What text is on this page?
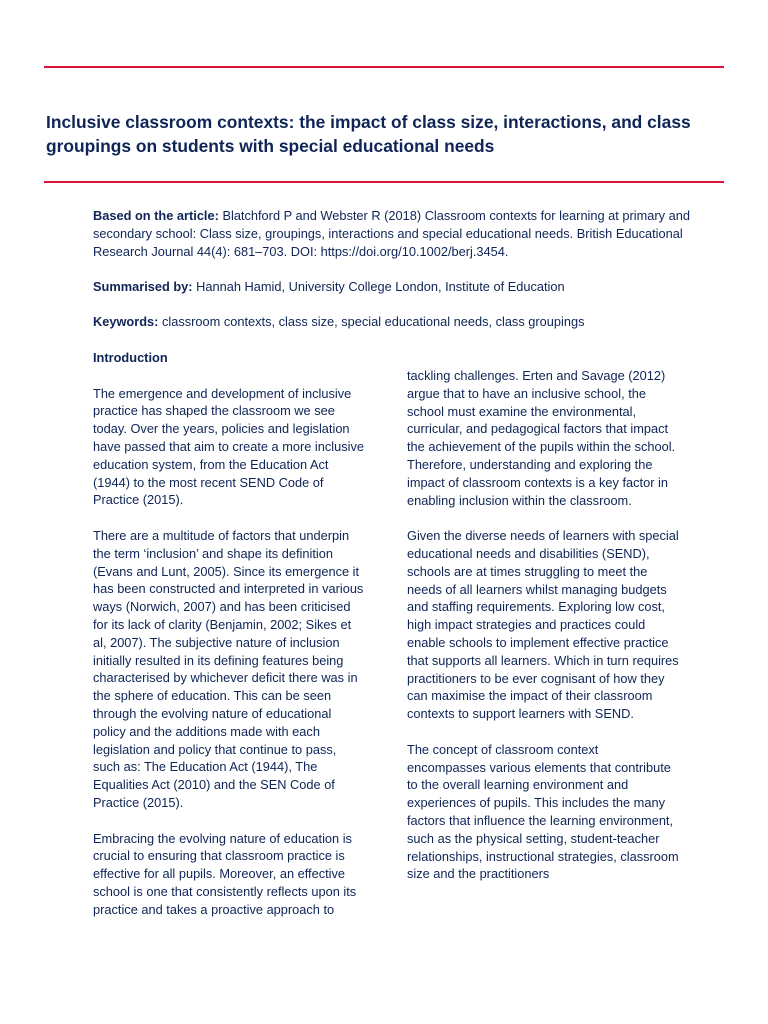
Inclusive classroom contexts: the impact of class size, interactions, and class groupings on students with special educational needs

Based on the article: Blatchford P and Webster R (2018) Classroom contexts for learning at primary and secondary school: Class size, groupings, interactions and special educational needs. British Educational Research Journal 44(4): 681–703. DOI: https://doi.org/10.1002/berj.3454.

Summarised by: Hannah Hamid, University College London, Institute of Education

Keywords: classroom contexts, class size, special educational needs, class groupings

Introduction

The emergence and development of inclusive practice has shaped the classroom we see today. Over the years, policies and legislation have passed that aim to create a more inclusive education system, from the Education Act (1944) to the most recent SEND Code of Practice (2015).

There are a multitude of factors that underpin the term ‘inclusion’ and shape its definition (Evans and Lunt, 2005). Since its emergence it has been constructed and interpreted in various ways (Norwich, 2007) and has been criticised for its lack of clarity (Benjamin, 2002; Sikes et al, 2007). The subjective nature of inclusion initially resulted in its defining features being characterised by whichever deficit there was in the sphere of education. This can be seen through the evolving nature of educational policy and the additions made with each legislation and policy that continue to pass, such as: The Education Act (1944), The Equalities Act (2010) and the SEN Code of Practice (2015).

Embracing the evolving nature of education is crucial to ensuring that classroom practice is effective for all pupils. Moreover, an effective school is one that consistently reflects upon its practice and takes a proactive approach to

tackling challenges. Erten and Savage (2012) argue that to have an inclusive school, the school must examine the environmental, curricular, and pedagogical factors that impact the achievement of the pupils within the school. Therefore, understanding and exploring the impact of classroom contexts is a key factor in enabling inclusion within the classroom.

Given the diverse needs of learners with special educational needs and disabilities (SEND), schools are at times struggling to meet the needs of all learners whilst managing budgets and staffing requirements. Exploring low cost, high impact strategies and practices could enable schools to implement effective practice that supports all learners. Which in turn requires practitioners to be ever cognisant of how they can maximise the impact of their classroom contexts to support learners with SEND.

The concept of classroom context encompasses various elements that contribute to the overall learning environment and experiences of pupils. This includes the many factors that influence the learning environment, such as the physical setting, student-teacher relationships, instructional strategies, classroom size and the practitioners
